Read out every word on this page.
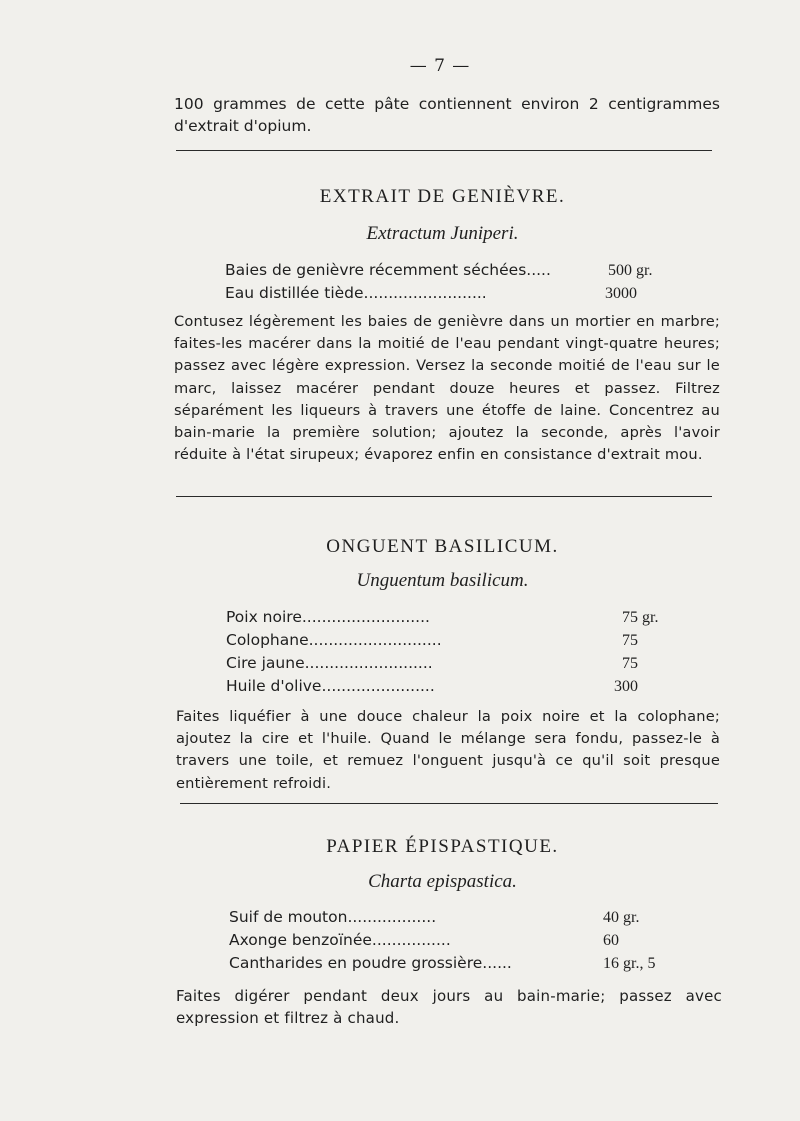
— 7 —

100 grammes de cette pâte contiennent environ 2 centigrammes d'extrait d'opium.

EXTRAIT DE GENIÈVRE.
Extractum Juniperi.
Baies de genièvre récemment séchées.....	500 gr.
Eau distillée tiède.........................	3000

Contusez légèrement les baies de genièvre dans un mortier en marbre; faites-les macérer dans la moitié de l'eau pendant vingt-quatre heures; passez avec légère expression. Versez la seconde moitié de l'eau sur le marc, laissez macérer pendant douze heures et passez. Filtrez séparément les liqueurs à travers une étoffe de laine. Concentrez au bain-marie la première solution; ajoutez la seconde, après l'avoir réduite à l'état sirupeux; évaporez enfin en consistance d'extrait mou.

ONGUENT BASILICUM.
Unguentum basilicum.
Poix noire..........................	75 gr.
Colophane...........................	75
Cire jaune..........................	75
Huile d'olive.......................	300

Faites liquéfier à une douce chaleur la poix noire et la colophane; ajoutez la cire et l'huile. Quand le mélange sera fondu, passez-le à travers une toile, et remuez l'onguent jusqu'à ce qu'il soit presque entièrement refroidi.

PAPIER ÉPISPASTIQUE.
Charta epispastica.
Suif de mouton..................	40 gr.
Axonge benzoïnée................	60
Cantharides en poudre grossière......	16 gr., 5

Faites digérer pendant deux jours au bain-marie; passez avec expression et filtrez à chaud.
